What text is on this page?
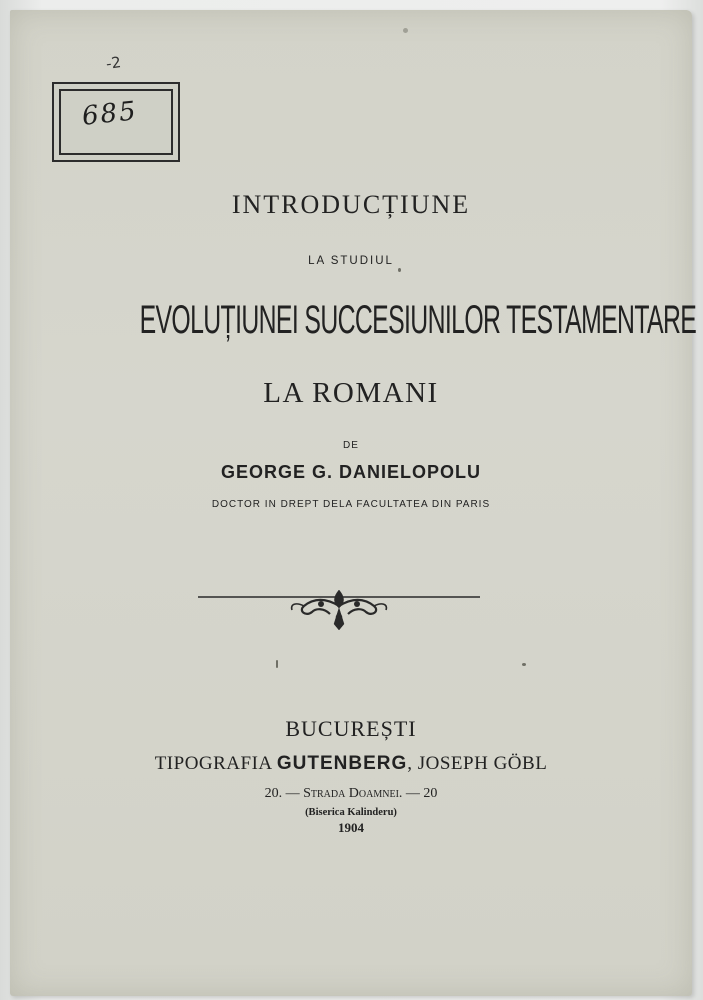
685
-2
INTRODUCȚIUNE
LA STUDIUL
EVOLUȚIUNEI SUCCESIUNILOR TESTAMENTARE
LA ROMANI
DE
GEORGE G. DANIELOPOLU
DOCTOR IN DREPT DELA FACULTATEA DIN PARIS
BUCUREȘTI
TIPOGRAFIA GUTENBERG, JOSEPH GÖBL
20. — Strada Doamnei. — 20
(Biserica Kalinderu)
1904
